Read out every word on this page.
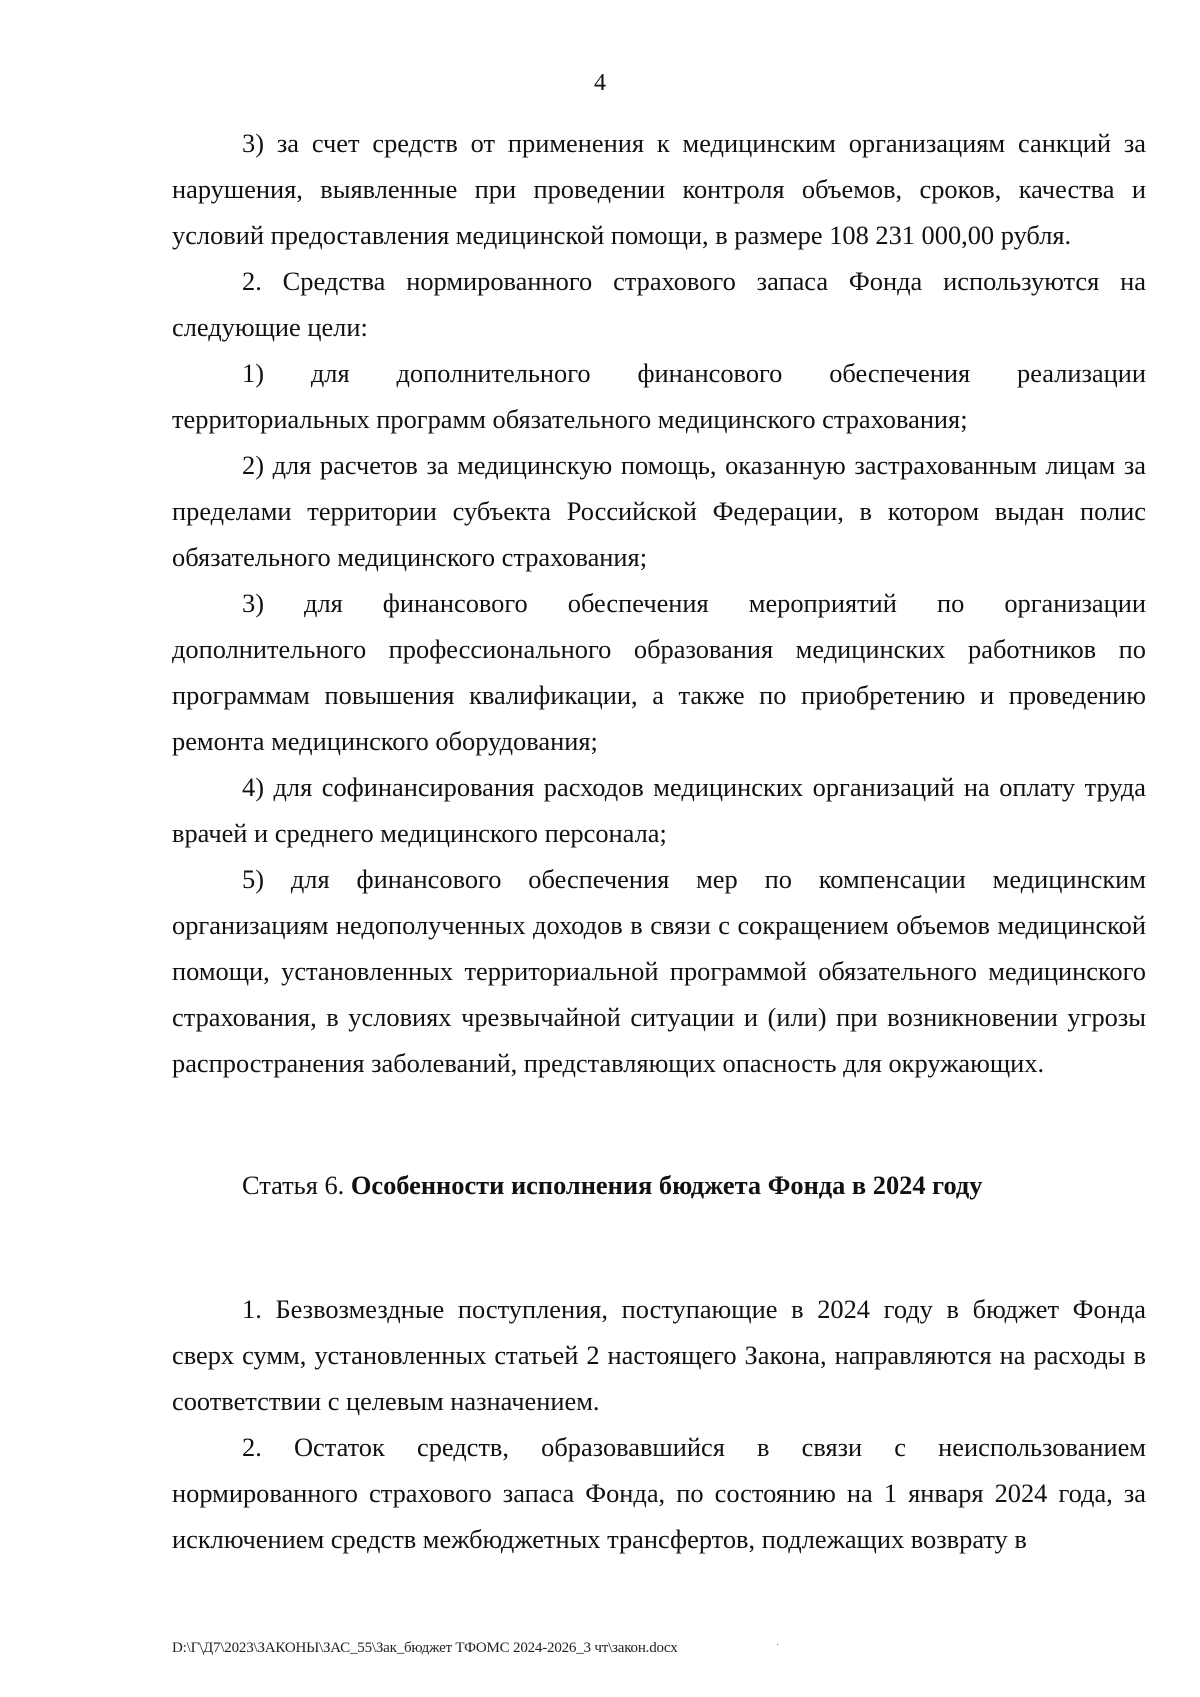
4

3) за счет средств от применения к медицинским организациям санкций за нарушения, выявленные при проведении контроля объемов, сроков, качества и условий предоставления медицинской помощи, в размере 108 231 000,00 рубля.

2. Средства нормированного страхового запаса Фонда используются на следующие цели:

1) для дополнительного финансового обеспечения реализации территориальных программ обязательного медицинского страхования;

2) для расчетов за медицинскую помощь, оказанную застрахованным лицам за пределами территории субъекта Российской Федерации, в котором выдан полис обязательного медицинского страхования;

3) для финансового обеспечения мероприятий по организации дополнительного профессионального образования медицинских работников по программам повышения квалификации, а также по приобретению и проведению ремонта медицинского оборудования;

4) для софинансирования расходов медицинских организаций на оплату труда врачей и среднего медицинского персонала;

5) для финансового обеспечения мер по компенсации медицинским организациям недополученных доходов в связи с сокращением объемов медицинской помощи, установленных территориальной программой обязательного медицинского страхования, в условиях чрезвычайной ситуации и (или) при возникновении угрозы распространения заболеваний, представляющих опасность для окружающих.

Статья 6. Особенности исполнения бюджета Фонда в 2024 году

1. Безвозмездные поступления, поступающие в 2024 году в бюджет Фонда сверх сумм, установленных статьей 2 настоящего Закона, направляются на расходы в соответствии с целевым назначением.

2. Остаток средств, образовавшийся в связи с неиспользованием нормированного страхового запаса Фонда, по состоянию на 1 января 2024 года, за исключением средств межбюджетных трансфертов, подлежащих возврату в

D:\Г\Д7\2023\ЗАКОНЫ\ЗАС_55\Зак_бюджет ТФОМС 2024-2026_3 чт\закон.docx	·
